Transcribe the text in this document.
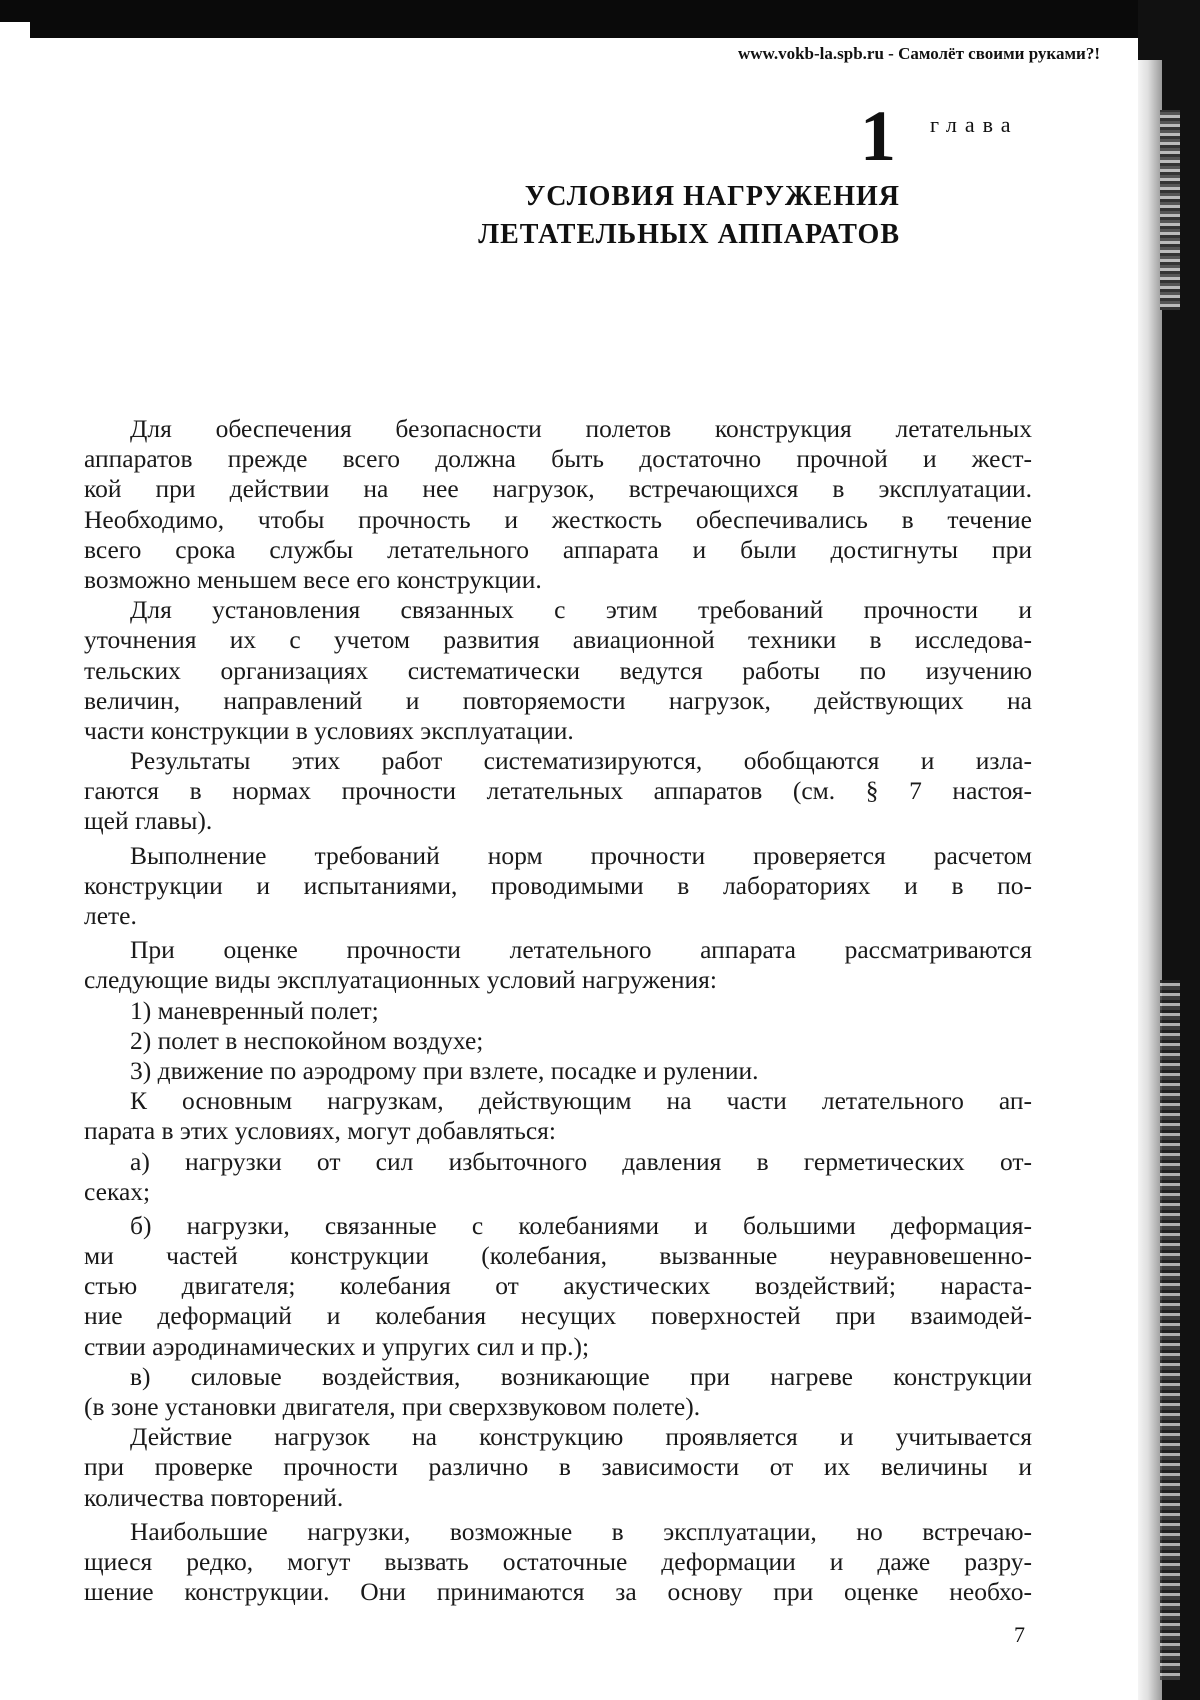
www.vokb-la.spb.ru - Самолёт своими руками?!
1 глава
УСЛОВИЯ НАГРУЖЕНИЯ
ЛЕТАТЕЛЬНЫХ АППАРАТОВ
Для обеспечения безопасности полетов конструкция летательных
аппаратов прежде всего должна быть достаточно прочной и жест-
кой при действии на нее нагрузок, встречающихся в эксплуатации.
Необходимо, чтобы прочность и жесткость обеспечивались в течение
всего срока службы летательного аппарата и были достигнуты при
возможно меньшем весе его конструкции.
Для установления связанных с этим требований прочности и
уточнения их с учетом развития авиационной техники в исследова-
тельских организациях систематически ведутся работы по изучению
величин, направлений и повторяемости нагрузок, действующих на
части конструкции в условиях эксплуатации.
Результаты этих работ систематизируются, обобщаются и изла-
гаются в нормах прочности летательных аппаратов (см. § 7 настоя-
щей главы).
Выполнение требований норм прочности проверяется расчетом
конструкции и испытаниями, проводимыми в лабораториях и в по-
лете.
При оценке прочности летательного аппарата рассматриваются
следующие виды эксплуатационных условий нагружения:
1) маневренный полет;
2) полет в неспокойном воздухе;
3) движение по аэродрому при взлете, посадке и рулении.
К основным нагрузкам, действующим на части летательного ап-
парата в этих условиях, могут добавляться:
а) нагрузки от сил избыточного давления в герметических от-
секах;
б) нагрузки, связанные с колебаниями и большими деформация-
ми частей конструкции (колебания, вызванные неуравновешенно-
стью двигателя; колебания от акустических воздействий; нараста-
ние деформаций и колебания несущих поверхностей при взаимодей-
ствии аэродинамических и упругих сил и пр.);
в) силовые воздействия, возникающие при нагреве конструкции
(в зоне установки двигателя, при сверхзвуковом полете).
Действие нагрузок на конструкцию проявляется и учитывается
при проверке прочности различно в зависимости от их величины и
количества повторений.
Наибольшие нагрузки, возможные в эксплуатации, но встречаю-
щиеся редко, могут вызвать остаточные деформации и даже разру-
шение конструкции. Они принимаются за основу при оценке необхо-
7
